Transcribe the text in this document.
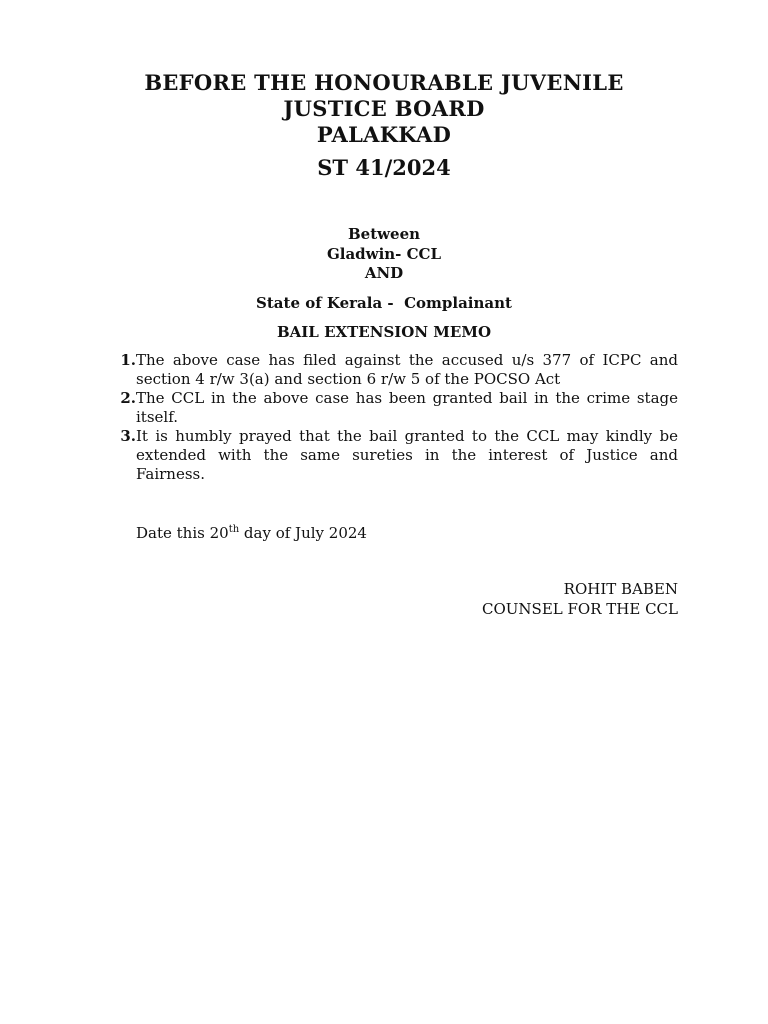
BEFORE THE HONOURABLE JUVENILE
JUSTICE BOARD
PALAKKAD
ST 41/2024
Between
Gladwin- CCL
AND
State of Kerala -  Complainant
BAIL EXTENSION MEMO
1. The above case has filed against the accused u/s 377 of ICPC and section 4 r/w 3(a) and section 6 r/w 5 of the POCSO Act
2. The CCL in the above case has been granted bail in the crime stage itself.
3. It is humbly prayed that the bail granted to the CCL may kindly be extended with the same sureties in the interest of Justice and Fairness.
Date this 20th day of July 2024
ROHIT BABEN
COUNSEL FOR THE CCL
